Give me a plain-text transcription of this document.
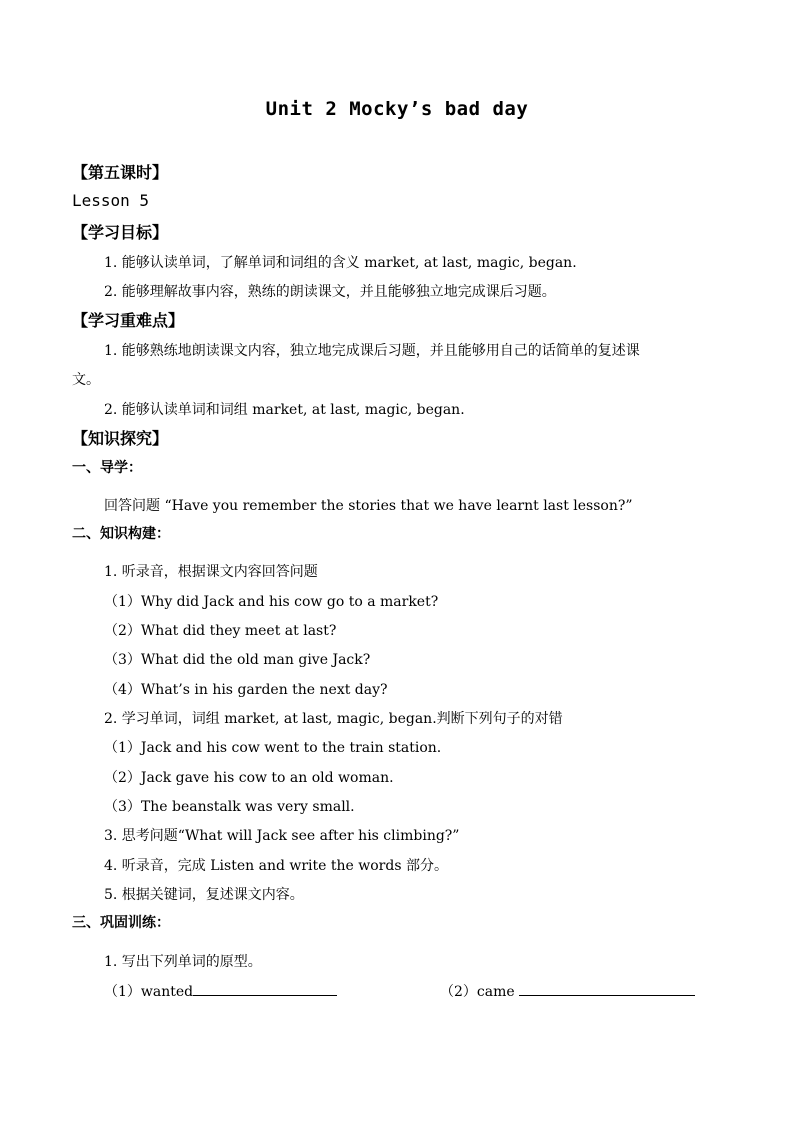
Unit 2 Mocky’s bad day
【第五课时】
Lesson 5
【学习目标】
1. 能够认读单词，了解单词和词组的含义 market, at last, magic, began.
2. 能够理解故事内容，熟练的朗读课文，并且能够独立地完成课后习题。
【学习重难点】
1. 能够熟练地朗读课文内容，独立地完成课后习题，并且能够用自己的话简单的复述课
文。
2. 能够认读单词和词组 market, at last, magic, began.
【知识探究】
一、导学：
回答问题 “Have you remember the stories that we have learnt last lesson?”
二、知识构建：
1. 听录音，根据课文内容回答问题
（1）Why did Jack and his cow go to a market?
（2）What did they meet at last?
（3）What did the old man give Jack?
（4）What’s in his garden the next day?
2. 学习单词，词组 market, at last, magic, began.判断下列句子的对错
（1）Jack and his cow went to the train station.
（2）Jack gave his cow to an old woman.
（3）The beanstalk was very small.
3. 思考问题“What will Jack see after his climbing?”
4. 听录音，完成 Listen and write the words 部分。
5. 根据关键词，复述课文内容。
三、巩固训练：
1. 写出下列单词的原型。
（1）wanted	（2）came
